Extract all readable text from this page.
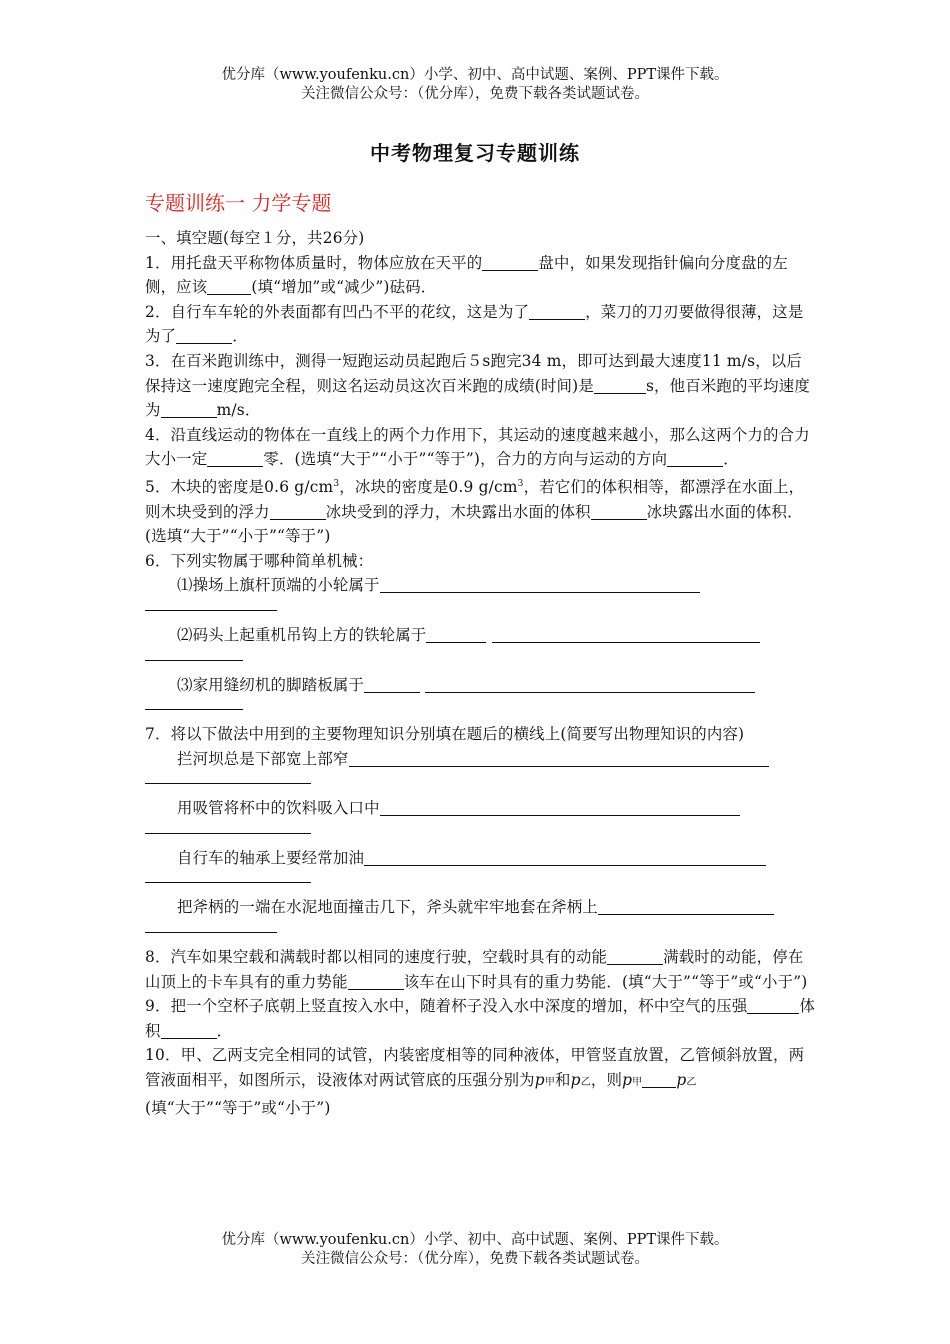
优分库（www.youfenku.cn）小学、初中、高中试题、案例、PPT课件下载。
关注微信公众号：（优分库），免费下载各类试题试卷。
中考物理复习专题训练
专题训练一 力学专题

一、填空题(每空１分，共26分)

1．用托盘天平称物体质量时，物体应放在天平的	盘中，如果发现指针偏向分度盘的左侧，应该	(填“增加”或“减少”)砝码．

2．自行车车轮的外表面都有凹凸不平的花纹，这是为了	，菜刀的刀刃要做得很薄，这是为了	．

3．在百米跑训练中，测得一短跑运动员起跑后５s跑完34 m，即可达到最大速度11 m/s，以后保持这一速度跑完全程，则这名运动员这次百米跑的成绩(时间)是	s，他百米跑的平均速度为	m/s．

4．沿直线运动的物体在一直线上的两个力作用下，其运动的速度越来越小，那么这两个力的合力大小一定	零．(选填“大于”“小于”“等于”)，合力的方向与运动的方向	．

5．木块的密度是0.6 $g/cm^3$，冰块的密度是0.9 $g/cm^3$，若它们的体积相等，都漂浮在水面上，则木块受到的浮力	冰块受到的浮力，木块露出水面的体积	冰块露出水面的体积．(选填“大于”“小于”“等于”)

6．下列实物属于哪种简单机械：

⑴操场上旗杆顶端的小轮属于

⑵码头上起重机吊钩上方的铁轮属于

⑶家用缝纫机的脚踏板属于

7．将以下做法中用到的主要物理知识分别填在题后的横线上(简要写出物理知识的内容)

拦河坝总是下部宽上部窄

用吸管将杯中的饮料吸入口中

自行车的轴承上要经常加油

把斧柄的一端在水泥地面撞击几下，斧头就牢牢地套在斧柄上

8．汽车如果空载和满载时都以相同的速度行驶，空载时具有的动能	满载时的动能，停在山顶上的卡车具有的重力势能	该车在山下时具有的重力势能．(填“大于”“等于”或“小于”)

9．把一个空杯子底朝上竖直按入水中，随着杯子没入水中深度的增加，杯中空气的压强	体积	．

10．甲、乙两支完全相同的试管，内装密度相等的同种液体，甲管竖直放置，乙管倾斜放置，两管液面相平，如图所示，设液体对两试管底的压强分别为p甲和p乙，则p甲 p乙
(填“大于”“等于”或“小于”)

优分库（www.youfenku.cn）小学、初中、高中试题、案例、PPT课件下载。
关注微信公众号：（优分库），免费下载各类试题试卷。
